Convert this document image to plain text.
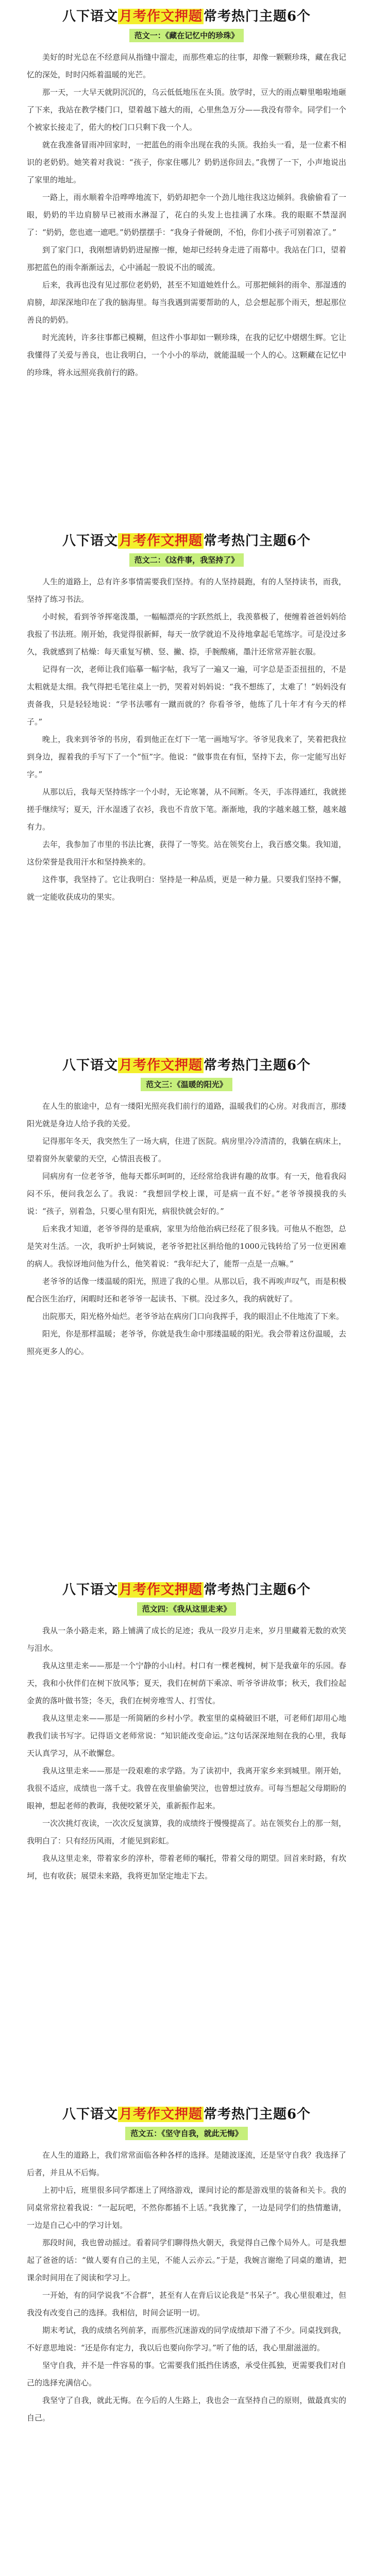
八下语文月考作文押题常考热门主题6个
范文一：《藏在记忆中的珍珠》

美好的时光总在不经意间从指缝中溜走，而那些难忘的往事，却像一颗颗珍珠，藏在我记忆的深处，时时闪烁着温暖的光芒。

那一天，一大早天就阴沉沉的，乌云低低地压在头顶。放学时，豆大的雨点噼里啪啦地砸了下来，我站在教学楼门口，望着越下越大的雨，心里焦急万分——我没有带伞。同学们一个个被家长接走了，偌大的校门口只剩下我一个人。

就在我准备冒雨冲回家时，一把蓝色的雨伞出现在我的头顶。我抬头一看，是一位素不相识的老奶奶。她笑着对我说：“孩子，你家住哪儿？奶奶送你回去。”我愣了一下，小声地说出了家里的地址。

一路上，雨水顺着伞沿哗哗地流下，奶奶却把伞一个劲儿地往我这边倾斜。我偷偷看了一眼，奶奶的半边肩膀早已被雨水淋湿了，花白的头发上也挂满了水珠。我的眼眶不禁湿润了：“奶奶，您也遮一遮吧。”奶奶摆摆手：“我身子骨硬朗，不怕，你们小孩子可别着凉了。”

到了家门口，我刚想请奶奶进屋擦一擦，她却已经转身走进了雨幕中。我站在门口，望着那把蓝色的雨伞渐渐远去，心中涌起一股说不出的暖流。

后来，我再也没有见过那位老奶奶，甚至不知道她姓什么。可那把倾斜的雨伞、那湿透的肩膀，却深深地印在了我的脑海里。每当我遇到需要帮助的人，总会想起那个雨天，想起那位善良的奶奶。

时光流转，许多往事都已模糊，但这件小事却如一颗珍珠，在我的记忆中熠熠生辉。它让我懂得了关爱与善良，也让我明白，一个小小的举动，就能温暖一个人的心。这颗藏在记忆中的珍珠，将永远照亮我前行的路。

八下语文月考作文押题常考热门主题6个
范文二：《这件事，我坚持了》

人生的道路上，总有许多事情需要我们坚持。有的人坚持晨跑，有的人坚持读书，而我，坚持了练习书法。

小时候，看到爷爷挥毫泼墨，一幅幅漂亮的字跃然纸上，我羡慕极了，便缠着爸爸妈妈给我报了书法班。刚开始，我觉得很新鲜，每天一放学就迫不及待地拿起毛笔练字。可是没过多久，我就感到了枯燥：每天重复写横、竖、撇、捺，手腕酸痛，墨汁还常常弄脏衣服。

记得有一次，老师让我们临摹一幅字帖，我写了一遍又一遍，可字总是歪歪扭扭的，不是太粗就是太细。我气得把毛笔往桌上一扔，哭着对妈妈说：“我不想练了，太难了！”妈妈没有责备我，只是轻轻地说：“学书法哪有一蹴而就的？你看爷爷，他练了几十年才有今天的样子。”

晚上，我来到爷爷的书房，看到他正在灯下一笔一画地写字。爷爷见我来了，笑着把我拉到身边，握着我的手写下了一个“恒”字。他说：“做事贵在有恒，坚持下去，你一定能写出好字。”

从那以后，我每天坚持练字一个小时，无论寒暑，从不间断。冬天，手冻得通红，我就搓搓手继续写；夏天，汗水湿透了衣衫，我也不肯放下笔。渐渐地，我的字越来越工整，越来越有力。

去年，我参加了市里的书法比赛，获得了一等奖。站在领奖台上，我百感交集。我知道，这份荣誉是我用汗水和坚持换来的。

这件事，我坚持了。它让我明白：坚持是一种品质，更是一种力量。只要我们坚持不懈，就一定能收获成功的果实。

八下语文月考作文押题常考热门主题6个
范文三：《温暖的阳光》

在人生的旅途中，总有一缕阳光照亮我们前行的道路，温暖我们的心房。对我而言，那缕阳光就是身边人给予我的关爱。

记得那年冬天，我突然生了一场大病，住进了医院。病房里冷冷清清的，我躺在病床上，望着窗外灰蒙蒙的天空，心情沮丧极了。

同病房有一位老爷爷，他每天都乐呵呵的，还经常给我讲有趣的故事。有一天，他看我闷闷不乐，便问我怎么了。我说：“我想回学校上课，可是病一直不好。”老爷爷摸摸我的头说：“孩子，别着急，只要心里有阳光，病很快就会好的。”

后来我才知道，老爷爷得的是重病，家里为给他治病已经花了很多钱。可他从不抱怨，总是笑对生活。一次，我听护士阿姨说，老爷爷把社区捐给他的1000元钱转给了另一位更困难的病人。我惊讶地问他为什么，他笑着说：“我年纪大了，能帮一点是一点嘛。”

老爷爷的话像一缕温暖的阳光，照进了我的心里。从那以后，我不再唉声叹气，而是积极配合医生治疗，闲暇时还和老爷爷一起读书、下棋。没过多久，我的病就好了。

出院那天，阳光格外灿烂。老爷爷站在病房门口向我挥手，我的眼泪止不住地流了下来。

阳光，你是那样温暖；老爷爷，你就是我生命中那缕温暖的阳光。我会带着这份温暖，去照亮更多人的心。

八下语文月考作文押题常考热门主题6个
范文四：《我从这里走来》

我从一条小路走来，路上铺满了成长的足迹；我从一段岁月走来，岁月里藏着无数的欢笑与泪水。

我从这里走来——那是一个宁静的小山村。村口有一棵老槐树，树下是我童年的乐园。春天，我和小伙伴们在树下放风筝；夏天，我们在树荫下乘凉、听爷爷讲故事；秋天，我们捡起金黄的落叶做书签；冬天，我们在树旁堆雪人、打雪仗。

我从这里走来——那是一所简陋的乡村小学。教室里的桌椅破旧不堪，可老师们却用心地教我们读书写字。记得语文老师常说：“知识能改变命运。”这句话深深地刻在我的心里，我每天认真学习，从不敢懈怠。

我从这里走来——那是一段艰难的求学路。为了读初中，我离开家乡来到城里。刚开始，我很不适应，成绩也一落千丈。我曾在夜里偷偷哭泣，也曾想过放弃。可每当想起父母期盼的眼神，想起老师的教诲，我便咬紧牙关，重新振作起来。

一次次挑灯夜读，一次次反复演算，我的成绩终于慢慢提高了。站在领奖台上的那一刻，我明白了：只有经历风雨，才能见到彩虹。

我从这里走来，带着家乡的淳朴，带着老师的嘱托，带着父母的期望。回首来时路，有坎坷，也有收获；展望未来路，我将更加坚定地走下去。

八下语文月考作文押题常考热门主题6个
范文五：《坚守自我，就此无悔》

在人生的道路上，我们常常面临各种各样的选择。是随波逐流，还是坚守自我？我选择了后者，并且从不后悔。

上初中后，班里很多同学都迷上了网络游戏，课间讨论的都是游戏里的装备和关卡。我的同桌常常拉着我说：“一起玩吧，不然你都插不上话。”我犹豫了，一边是同学们的热情邀请，一边是自己心中的学习计划。

那段时间，我也曾动摇过。看着同学们聊得热火朝天，我觉得自己像个局外人。可是我想起了爸爸的话：“做人要有自己的主见，不能人云亦云。”于是，我婉言谢绝了同桌的邀请，把课余时间用在了阅读和学习上。

一开始，有的同学说我“不合群”，甚至有人在背后议论我是“书呆子”。我心里很难过，但我没有改变自己的选择。我相信，时间会证明一切。

期末考试，我的成绩名列前茅，而那些沉迷游戏的同学成绩却下滑了不少。同桌找到我，不好意思地说：“还是你有定力，我以后也要向你学习。”听了他的话，我心里甜滋滋的。

坚守自我，并不是一件容易的事。它需要我们抵挡住诱惑，承受住孤独，更需要我们对自己的选择充满信心。

我坚守了自我，就此无悔。在今后的人生路上，我也会一直坚持自己的原则，做最真实的自己。
